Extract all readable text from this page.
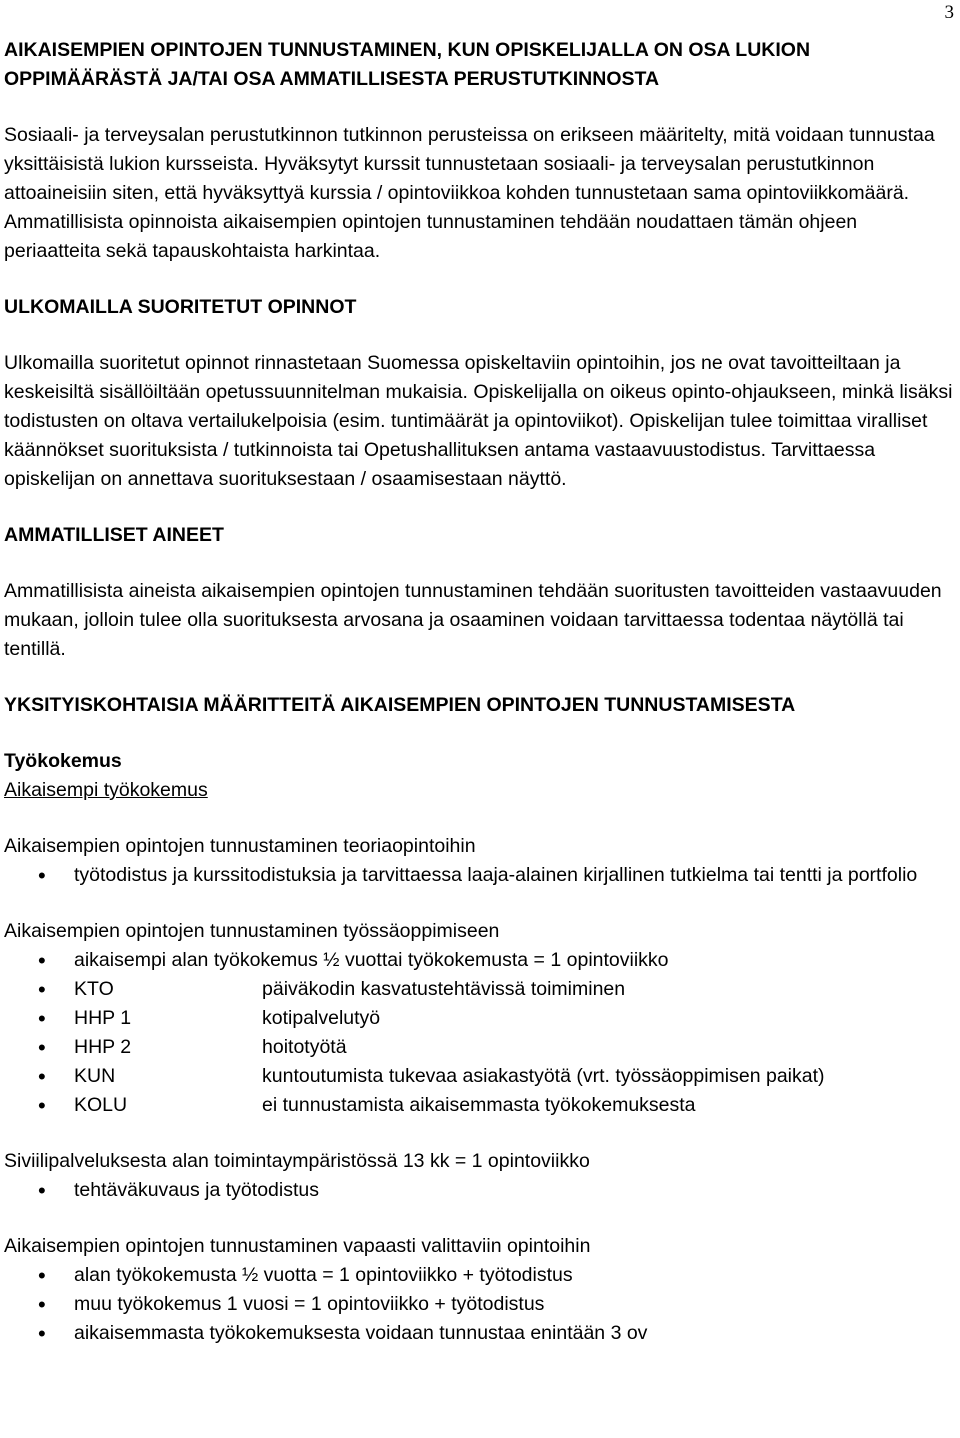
3
AIKAISEMPIEN OPINTOJEN TUNNUSTAMINEN, KUN OPISKELIJALLA ON OSA LUKION OPPIMÄÄRÄSTÄ JA/TAI OSA AMMATILLISESTA PERUSTUTKINNOSTA

Sosiaali- ja terveysalan perustutkinnon tutkinnon perusteissa on erikseen määritelty, mitä voidaan tunnustaa yksittäisistä lukion kursseista. Hyväksytyt kurssit tunnustetaan sosiaali- ja terveysalan perustutkinnon attoaineisiin siten, että hyväksyttyä kurssia / opintoviikkoa kohden tunnustetaan sama opintoviikkomäärä. Ammatillisista opinnoista aikaisempien opintojen tunnustaminen tehdään noudattaen tämän ohjeen periaatteita sekä tapauskohtaista harkintaa.

ULKOMAILLA SUORITETUT OPINNOT

Ulkomailla suoritetut opinnot rinnastetaan Suomessa opiskeltaviin opintoihin, jos ne ovat tavoitteiltaan ja keskeisiltä sisällöiltään opetussuunnitelman mukaisia. Opiskelijalla on oikeus opinto-ohjaukseen, minkä lisäksi todistusten on oltava vertailukelpoisia (esim. tuntimäärät ja opintoviikot). Opiskelijan tulee toimittaa viralliset käännökset suorituksista / tutkinnoista tai Opetushallituksen antama vastaavuustodistus. Tarvittaessa opiskelijan on annettava suorituksestaan / osaamisestaan näyttö.

AMMATILLISET AINEET

Ammatillisista aineista aikaisempien opintojen tunnustaminen tehdään suoritusten tavoitteiden vastaavuuden mukaan, jolloin tulee olla suorituksesta arvosana ja osaaminen voidaan tarvittaessa todentaa näytöllä tai tentillä.

YKSITYISKOHTAISIA MÄÄRITTEITÄ AIKAISEMPIEN OPINTOJEN TUNNUSTAMISESTA
Työkokemus

Aikaisempi työkokemus

Aikaisempien opintojen tunnustaminen teoriaopintoihin

• työtodistus ja kurssitodistuksia ja tarvittaessa laaja-alainen kirjallinen tutkielma tai tentti ja portfolio

Aikaisempien opintojen tunnustaminen työssäoppimiseen

• aikaisempi alan työkokemus ½ vuottai työkokemusta = 1 opintoviikko
• KTO	päiväkodin kasvatustehtävissä toimiminen
• HHP 1	kotipalvelutyö
• HHP 2	hoitotyötä
• KUN	kuntoutumista tukevaa asiakastyötä (vrt. työssäoppimisen paikat)
• KOLU	ei tunnustamista aikaisemmasta työkokemuksesta

Siviilipalveluksesta alan toimintaympäristössä 13 kk = 1 opintoviikko

• tehtäväkuvaus ja työtodistus

Aikaisempien opintojen tunnustaminen vapaasti valittaviin opintoihin

• alan työkokemusta ½ vuotta = 1 opintoviikko + työtodistus
• muu työkokemus 1 vuosi = 1 opintoviikko + työtodistus
• aikaisemmasta työkokemuksesta voidaan tunnustaa enintään 3 ov
